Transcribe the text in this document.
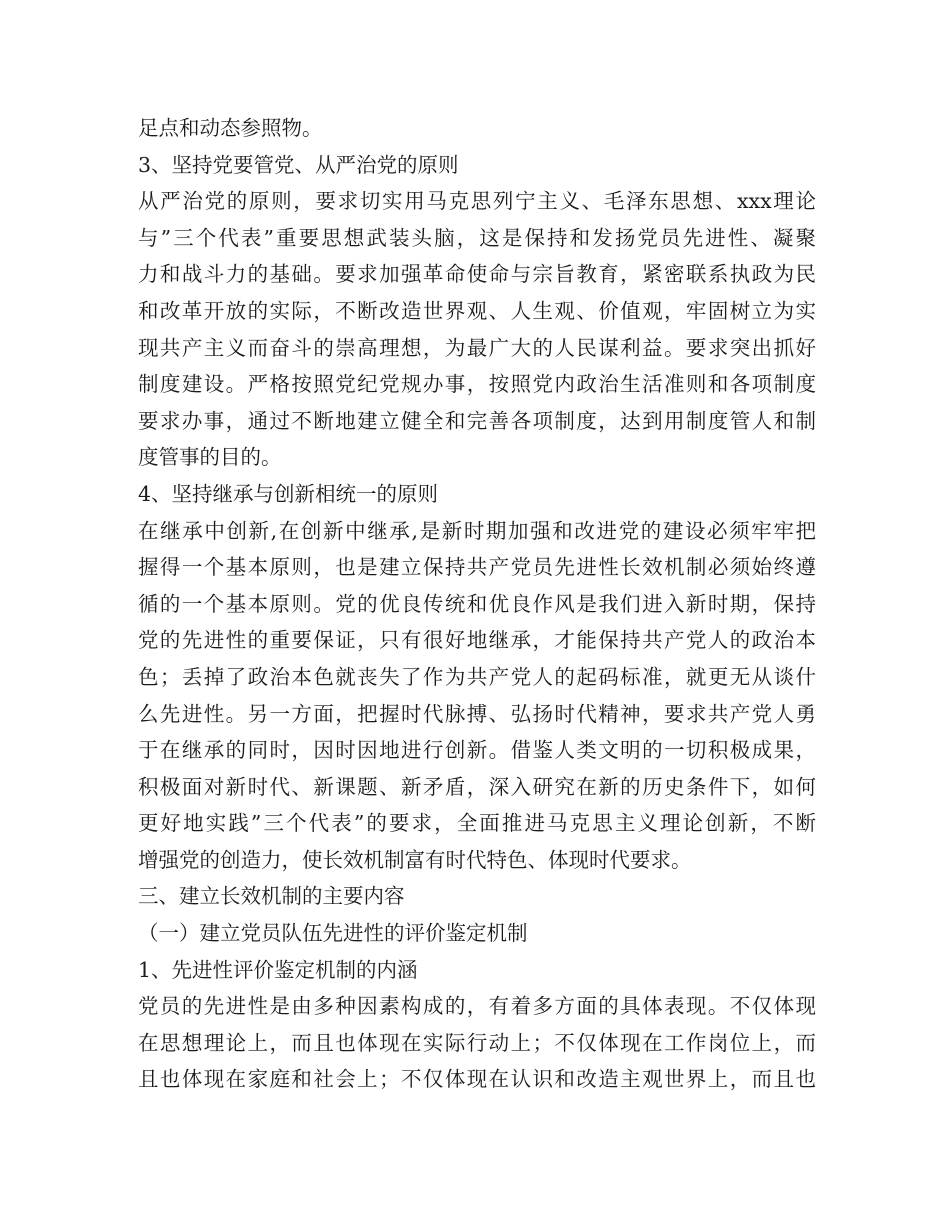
足点和动态参照物。
3、坚持党要管党、从严治党的原则
从严治党的原则，要求切实用马克思列宁主义、毛泽东思想、xxx理论
与”三个代表”重要思想武装头脑，这是保持和发扬党员先进性、凝聚
力和战斗力的基础。要求加强革命使命与宗旨教育，紧密联系执政为民
和改革开放的实际，不断改造世界观、人生观、价值观，牢固树立为实
现共产主义而奋斗的崇高理想，为最广大的人民谋利益。要求突出抓好
制度建设。严格按照党纪党规办事，按照党内政治生活准则和各项制度
要求办事，通过不断地建立健全和完善各项制度，达到用制度管人和制
度管事的目的。
4、坚持继承与创新相统一的原则
在继承中创新,在创新中继承,是新时期加强和改进党的建设必须牢牢把
握得一个基本原则，也是建立保持共产党员先进性长效机制必须始终遵
循的一个基本原则。党的优良传统和优良作风是我们进入新时期，保持
党的先进性的重要保证，只有很好地继承，才能保持共产党人的政治本
色；丢掉了政治本色就丧失了作为共产党人的起码标准，就更无从谈什
么先进性。另一方面，把握时代脉搏、弘扬时代精神，要求共产党人勇
于在继承的同时，因时因地进行创新。借鉴人类文明的一切积极成果，
积极面对新时代、新课题、新矛盾，深入研究在新的历史条件下，如何
更好地实践”三个代表”的要求，全面推进马克思主义理论创新，不断
增强党的创造力，使长效机制富有时代特色、体现时代要求。
三、建立长效机制的主要内容
（一）建立党员队伍先进性的评价鉴定机制
1、先进性评价鉴定机制的内涵
党员的先进性是由多种因素构成的，有着多方面的具体表现。不仅体现
在思想理论上，而且也体现在实际行动上；不仅体现在工作岗位上，而
且也体现在家庭和社会上；不仅体现在认识和改造主观世界上，而且也
